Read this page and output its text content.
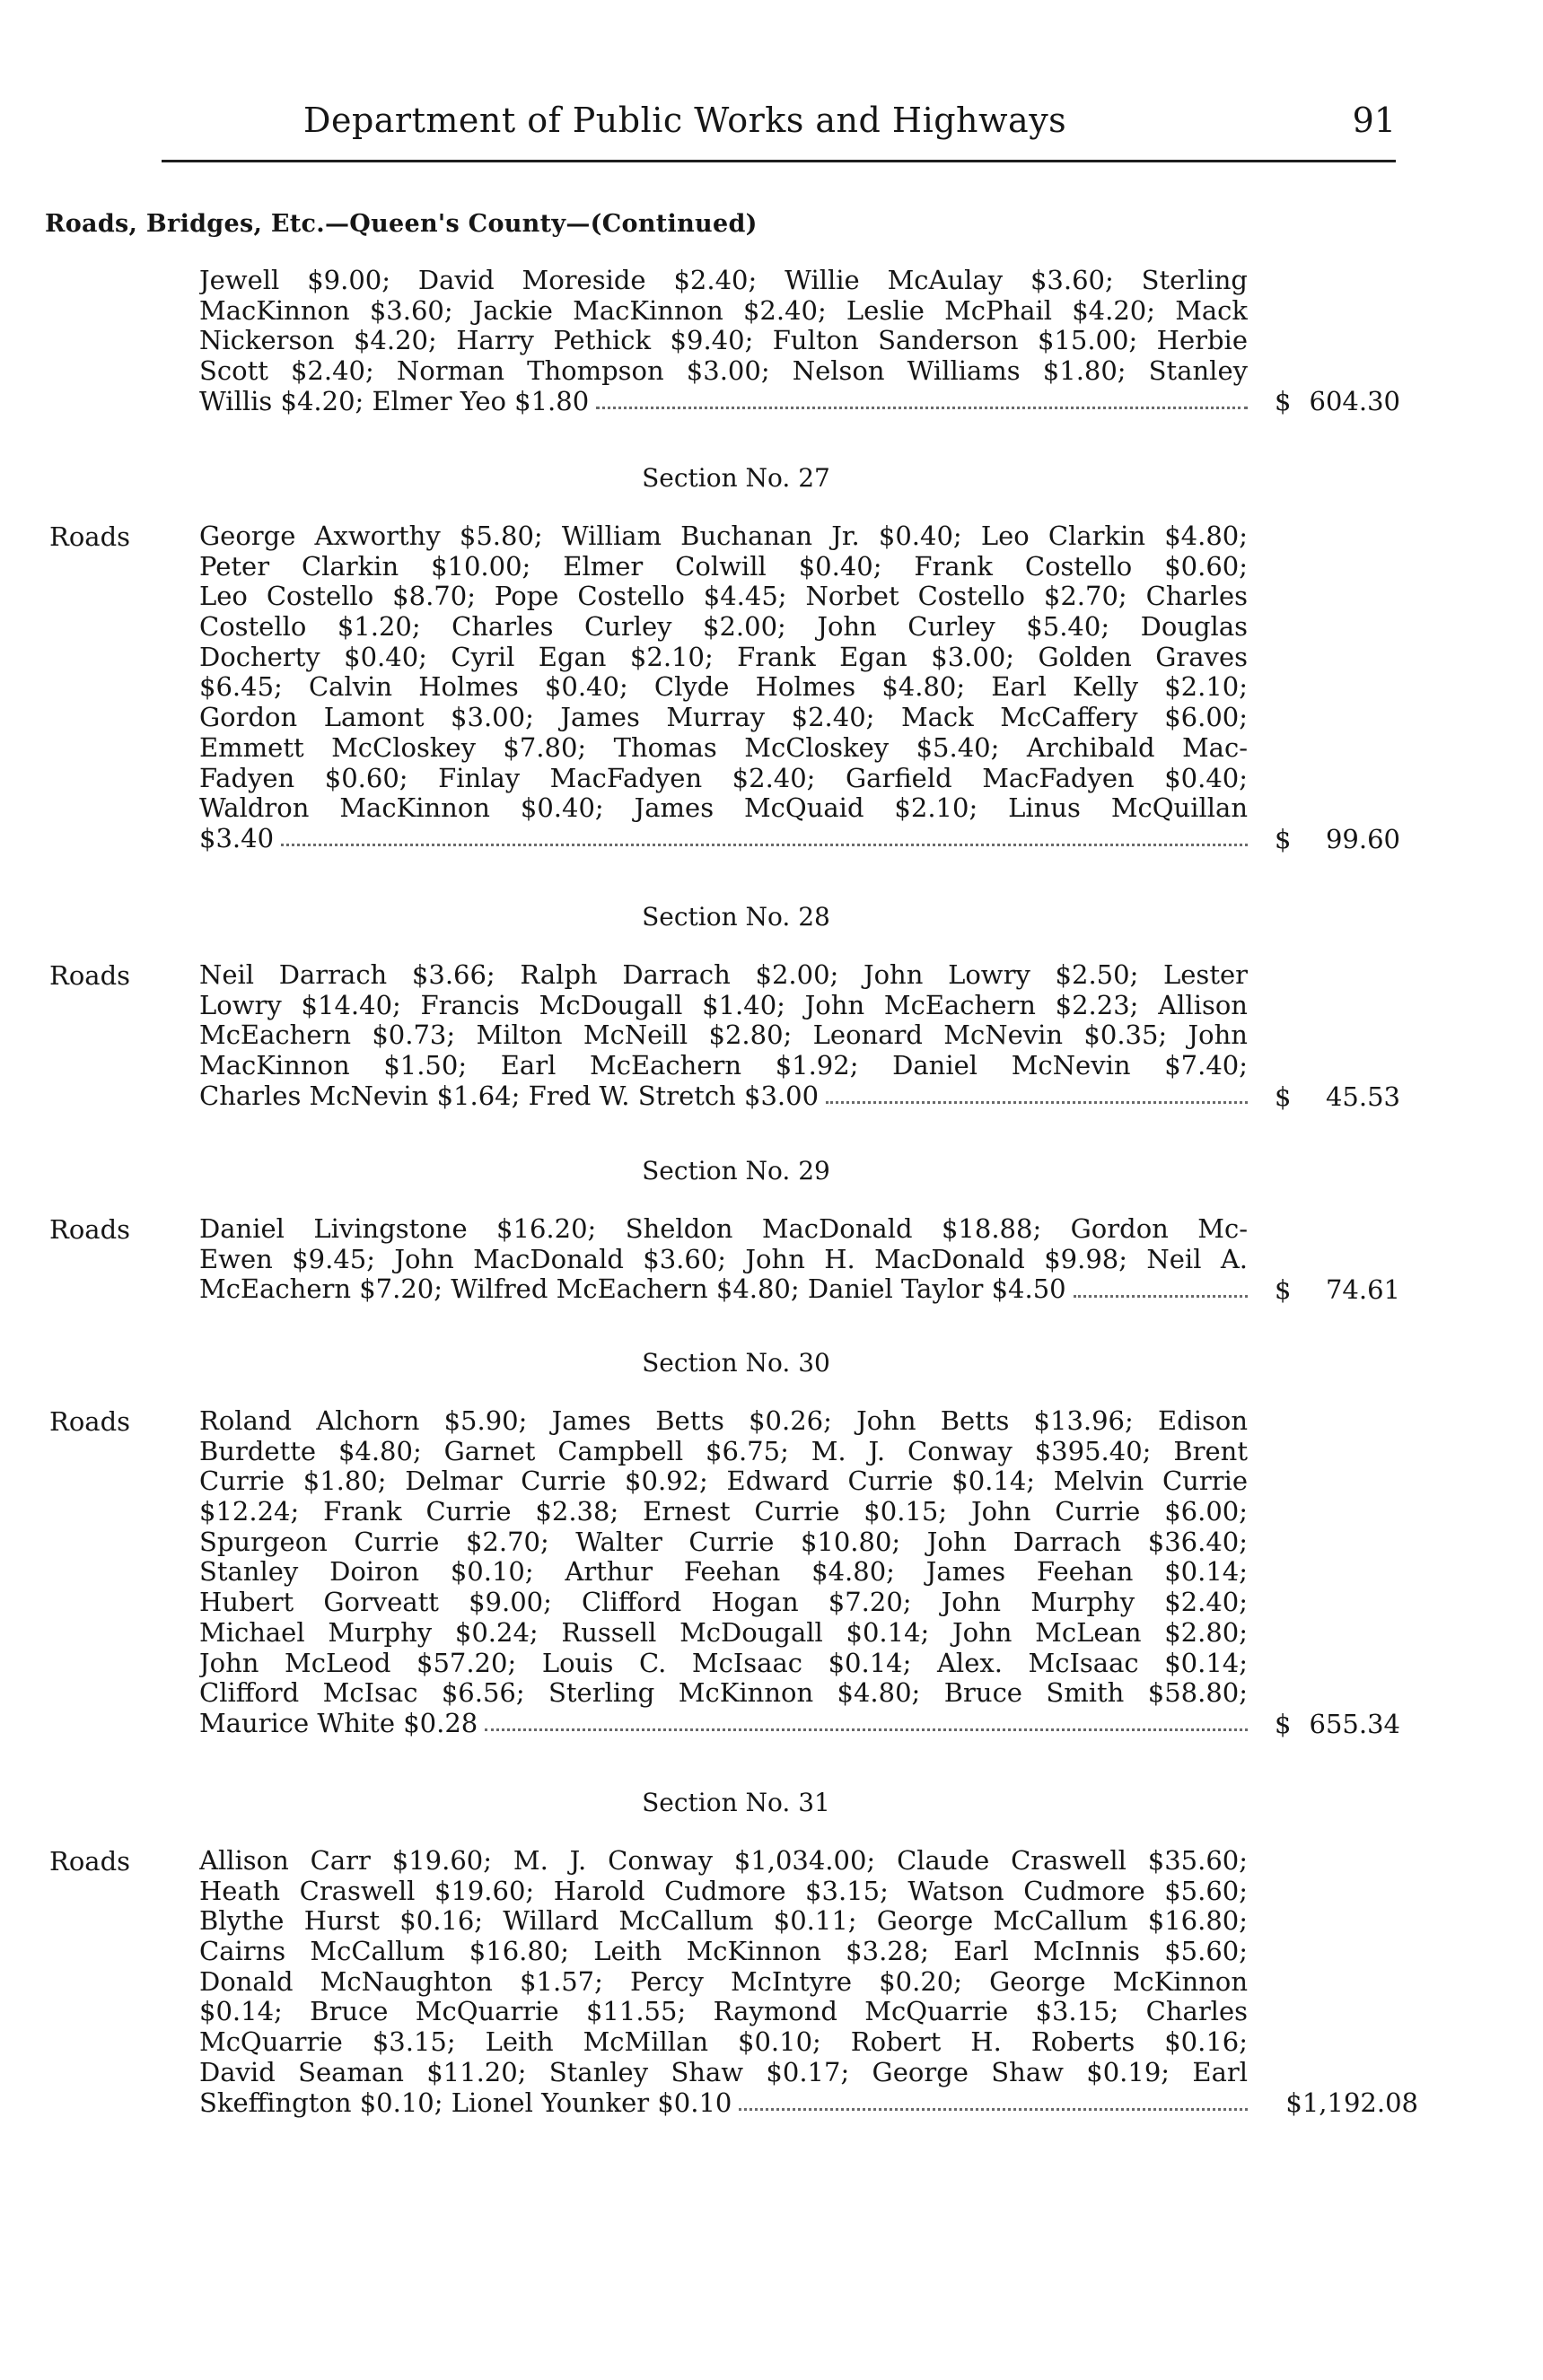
Department of Public Works and Highways	91
Roads, Bridges, Etc.—Queen's County—(Continued)
Jewell $9.00; David Moreside $2.40; Willie McAulay $3.60; Sterling
MacKinnon $3.60; Jackie MacKinnon $2.40; Leslie McPhail $4.20; Mack
Nickerson $4.20; Harry Pethick $9.40; Fulton Sanderson $15.00; Herbie
Scott $2.40; Norman Thompson $3.00; Nelson Williams $1.80; Stanley
Willis $4.20; Elmer Yeo $1.80	$ 604.30
Section No. 27
Roads	George Axworthy $5.80; William Buchanan Jr. $0.40; Leo Clarkin $4.80;
Peter Clarkin $10.00; Elmer Colwill $0.40; Frank Costello $0.60;
Leo Costello $8.70; Pope Costello $4.45; Norbet Costello $2.70; Charles
Costello $1.20; Charles Curley $2.00; John Curley $5.40; Douglas
Docherty $0.40; Cyril Egan $2.10; Frank Egan $3.00; Golden Graves
$6.45; Calvin Holmes $0.40; Clyde Holmes $4.80; Earl Kelly $2.10;
Gordon Lamont $3.00; James Murray $2.40; Mack McCaffery $6.00;
Emmett McCloskey $7.80; Thomas McCloskey $5.40; Archibald Mac-
Fadyen $0.60; Finlay MacFadyen $2.40; Garfield MacFadyen $0.40;
Waldron MacKinnon $0.40; James McQuaid $2.10; Linus McQuillan
$3.40	$ 99.60
Section No. 28
Roads	Neil Darrach $3.66; Ralph Darrach $2.00; John Lowry $2.50; Lester
Lowry $14.40; Francis McDougall $1.40; John McEachern $2.23; Allison
McEachern $0.73; Milton McNeill $2.80; Leonard McNevin $0.35; John
MacKinnon $1.50; Earl McEachern $1.92; Daniel McNevin $7.40;
Charles McNevin $1.64; Fred W. Stretch $3.00	$ 45.53
Section No. 29
Roads	Daniel Livingstone $16.20; Sheldon MacDonald $18.88; Gordon Mc-
Ewen $9.45; John MacDonald $3.60; John H. MacDonald $9.98; Neil A.
McEachern $7.20; Wilfred McEachern $4.80; Daniel Taylor $4.50	$ 74.61
Section No. 30
Roads	Roland Alchorn $5.90; James Betts $0.26; John Betts $13.96; Edison
Burdette $4.80; Garnet Campbell $6.75; M. J. Conway $395.40; Brent
Currie $1.80; Delmar Currie $0.92; Edward Currie $0.14; Melvin Currie
$12.24; Frank Currie $2.38; Ernest Currie $0.15; John Currie $6.00;
Spurgeon Currie $2.70; Walter Currie $10.80; John Darrach $36.40;
Stanley Doiron $0.10; Arthur Feehan $4.80; James Feehan $0.14;
Hubert Gorveatt $9.00; Clifford Hogan $7.20; John Murphy $2.40;
Michael Murphy $0.24; Russell McDougall $0.14; John McLean $2.80;
John McLeod $57.20; Louis C. McIsaac $0.14; Alex. McIsaac $0.14;
Clifford McIsac $6.56; Sterling McKinnon $4.80; Bruce Smith $58.80;
Maurice White $0.28	$ 655.34
Section No. 31
Roads	Allison Carr $19.60; M. J. Conway $1,034.00; Claude Craswell $35.60;
Heath Craswell $19.60; Harold Cudmore $3.15; Watson Cudmore $5.60;
Blythe Hurst $0.16; Willard McCallum $0.11; George McCallum $16.80;
Cairns McCallum $16.80; Leith McKinnon $3.28; Earl McInnis $5.60;
Donald McNaughton $1.57; Percy McIntyre $0.20; George McKinnon
$0.14; Bruce McQuarrie $11.55; Raymond McQuarrie $3.15; Charles
McQuarrie $3.15; Leith McMillan $0.10; Robert H. Roberts $0.16;
David Seaman $11.20; Stanley Shaw $0.17; George Shaw $0.19; Earl
Skeffington $0.10; Lionel Younker $0.10	$1,192.08
